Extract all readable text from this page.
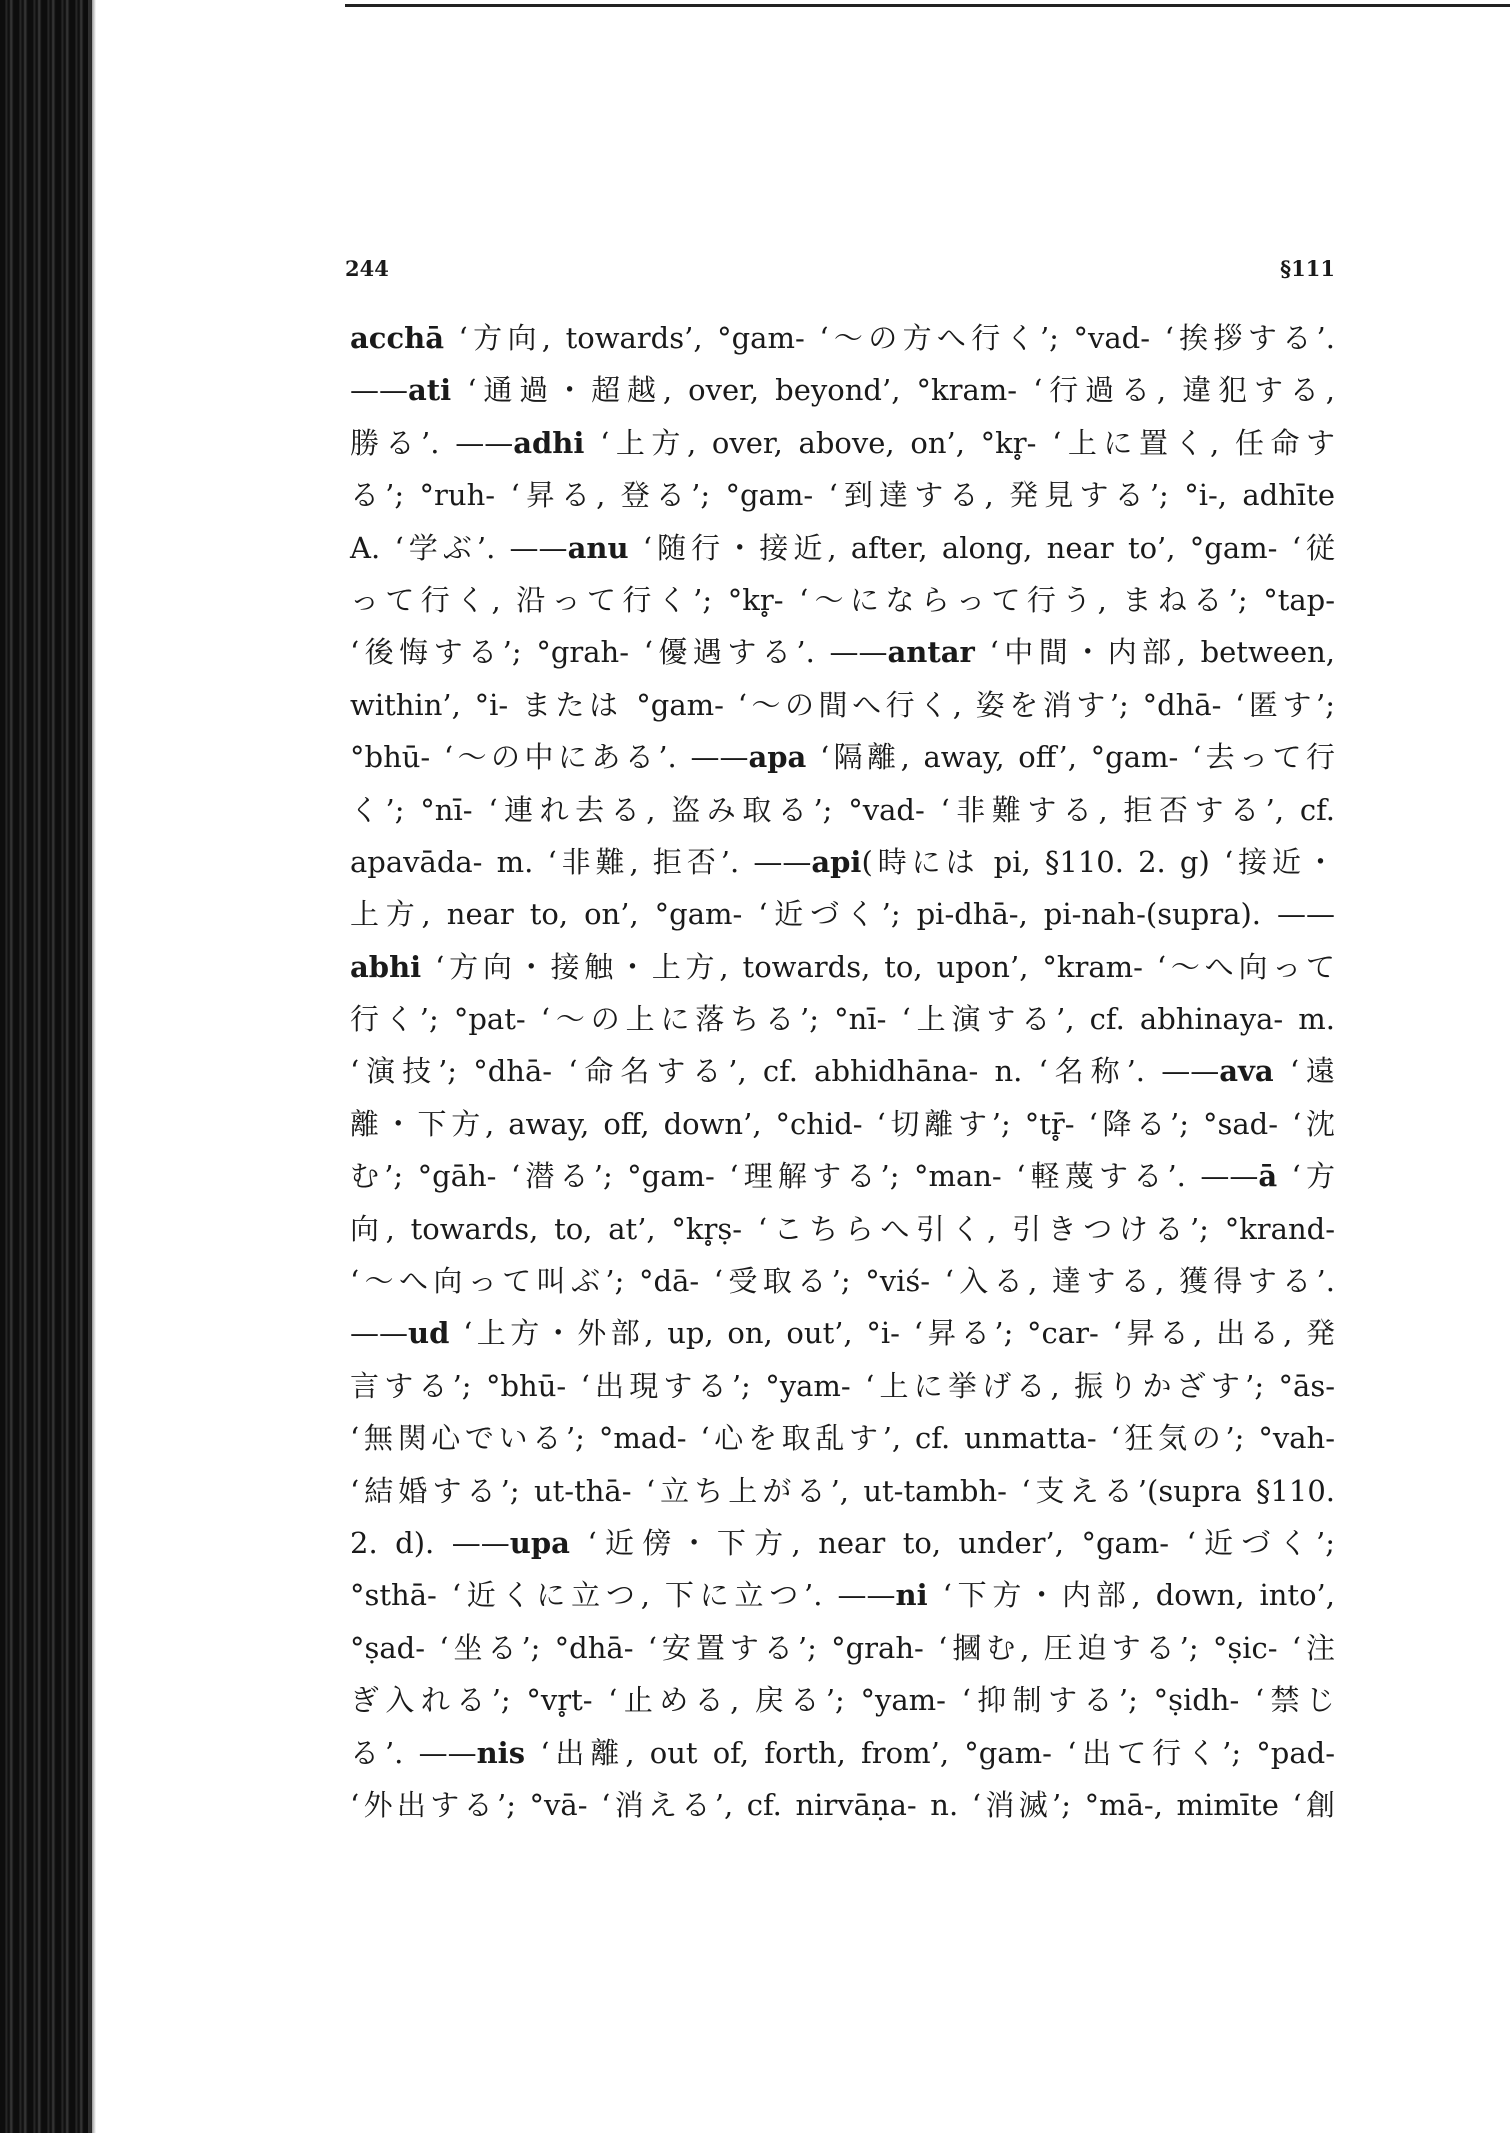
244	§111
acchā ‘方向, towards’, °gam- ‘〜の方へ行く’; °vad- ‘挨拶する’.
——ati ‘通過・超越, over, beyond’, °kram- ‘行過る, 違犯する,
勝る’. ——adhi ‘上方, over, above, on’, °kr̥- ‘上に置く, 任命す
る’; °ruh- ‘昇る, 登る’; °gam- ‘到達する, 発見する’; °i-, adhīte
A. ‘学ぶ’. ——anu ‘随行・接近, after, along, near to’, °gam- ‘従
って行く, 沿って行く’; °kr̥- ‘〜にならって行う, まねる’; °tap-
‘後悔する’; °grah- ‘優遇する’. ——antar ‘中間・内部, between,
within’, °i- または °gam- ‘〜の間へ行く, 姿を消す’; °dhā- ‘匿す’;
°bhū- ‘〜の中にある’. ——apa ‘隔離, away, off’, °gam- ‘去って行
く’; °nī- ‘連れ去る, 盗み取る’; °vad- ‘非難する, 拒否する’, cf.
apavāda- m. ‘非難, 拒否’. ——api(時には pi, §110. 2. g) ‘接近・
上方, near to, on’, °gam- ‘近づく’; pi-dhā-, pi-nah-(supra). ——
abhi ‘方向・接触・上方, towards, to, upon’, °kram- ‘〜へ向って
行く’; °pat- ‘〜の上に落ちる’; °nī- ‘上演する’, cf. abhinaya- m.
‘演技’; °dhā- ‘命名する’, cf. abhidhāna- n. ‘名称’. ——ava ‘遠
離・下方, away, off, down’, °chid- ‘切離す’; °tr̥̄- ‘降る’; °sad- ‘沈
む’; °gāh- ‘潜る’; °gam- ‘理解する’; °man- ‘軽蔑する’. ——ā ‘方
向, towards, to, at’, °kr̥ṣ- ‘こちらへ引く, 引きつける’; °krand-
‘〜へ向って叫ぶ’; °dā- ‘受取る’; °viś- ‘入る, 達する, 獲得する’.
——ud ‘上方・外部, up, on, out’, °i- ‘昇る’; °car- ‘昇る, 出る, 発
言する’; °bhū- ‘出現する’; °yam- ‘上に挙げる, 振りかざす’; °ās-
‘無関心でいる’; °mad- ‘心を取乱す’, cf. unmatta- ‘狂気の’; °vah-
‘結婚する’; ut-thā- ‘立ち上がる’, ut-tambh- ‘支える’(supra §110.
2. d). ——upa ‘近傍・下方, near to, under’, °gam- ‘近づく’;
°sthā- ‘近くに立つ, 下に立つ’. ——ni ‘下方・内部, down, into’,
°ṣad- ‘坐る’; °dhā- ‘安置する’; °grah- ‘摑む, 圧迫する’; °ṣic- ‘注
ぎ入れる’; °vr̥t- ‘止める, 戻る’; °yam- ‘抑制する’; °ṣidh- ‘禁じ
る’. ——nis ‘出離, out of, forth, from’, °gam- ‘出て行く’; °pad-
‘外出する’; °vā- ‘消える’, cf. nirvāṇa- n. ‘消滅’; °mā-, mimīte ‘創
